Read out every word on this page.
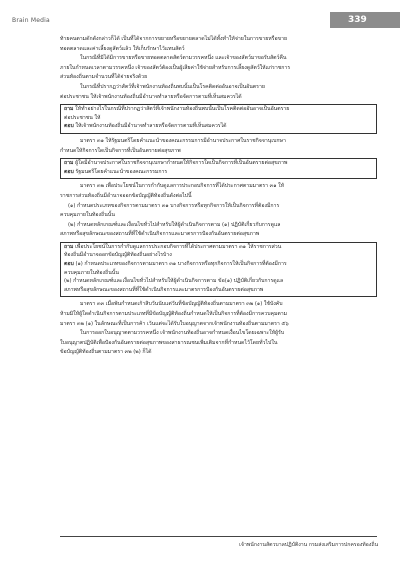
Brain Media	339

ท้ายคนตามดักดังกล่าวก็ได้ เป็นที่ได้จากการขยายหรือขยายตลาดไม่ได้ทั้งทำให้จ่ายในการขายหรือขาย

ทอดตลาดและค่าเลี้ยงดูสัตว์แล้ว ให้เก็บรักษาไว้แทนสัตว์

ในกรณีที่มิได้มีการขายหรือขายทอดตลาดสัตว์ตามวรรคหนึ่ง และเจ้าของสัตว์มาขอรับสัตว์คืน

ภายในกำหนดเวลาตามวรรคหนึ่ง เจ้าของสัตว์ต้องเป็นผู้เสียค่าใช้จ่ายสำหรับการเลี้ยงดูสัตว์ให้แก่ราชการ

ส่วนท้องถิ่นตามจำนวนที่ได้จ่ายจริงด้วย

ในกรณีที่ปรากฏว่าสัตว์ที่เจ้าพนักงานท้องถิ่นพบนั้นเป็นโรคติดต่ออันอาจเป็นอันตราย

ต่อประชาชน ให้เจ้าพนักงานท้องถิ่นมีอำนาจทำลายหรือจัดการตามที่เห็นสมควรได้

ถาม ให้ทำอย่างไรในกรณีที่ปรากฏว่าสัตว์ที่เจ้าพนักงานท้องถิ่นพบนั้นเป็นโรคติดต่ออันอาจเป็นอันตราย

ต่อประชาชน ให้

ตอบ ให้เจ้าพนักงานท้องถิ่นมีอำนาจทำลายหรือจัดการตามที่เห็นสมควรได้

มาตรา ๓๑ ให้รัฐมนตรีโดยคำแนะนำของคณะกรรมการมีอำนาจประกาศในราชกิจจานุเบกษา

กำหนดให้กิจการใดเป็นกิจการที่เป็นอันตรายต่อสุขภาพ

ถาม ผู้ใดมีอำนาจประกาศในราชกิจจานุเบกษากำหนดให้กิจการใดเป็นกิจการที่เป็นอันตรายต่อสุขภาพ

ตอบ รัฐมนตรีโดยคำแนะนำของคณะกรรมการ

มาตรา ๓๒ เพื่อประโยชน์ในการกำกับดูแลการประกอบกิจการที่ได้ประกาศตามมาตรา ๓๑ ให้

ราชการส่วนท้องถิ่นมีอำนาจออกข้อบัญญัติท้องถิ่นดังต่อไปนี้

(๑) กำหนดประเภทของกิจการตามมาตรา ๓๑ บางกิจการหรือทุกกิจการให้เป็นกิจการที่ต้องมีการ

ควบคุมภายในท้องถิ่นนั้น

(๒) กำหนดหลักเกณฑ์และเงื่อนไขทั่วไปสำหรับให้ผู้ดำเนินกิจการตาม (๑) ปฏิบัติเกี่ยวกับการดูแล

สภาพหรือสุขลักษณะของสถานที่ที่ใช้ดำเนินกิจการและมาตรการป้องกันอันตรายต่อสุขภาพ

ถาม เพื่อประโยชน์ในการกำกับดูแลการประกอบกิจการที่ได้ประกาศตามมาตรา ๓๑ ให้ราชการส่วน

ท้องถิ่นมีอำนาจออกข้อบัญญัติท้องถิ่นอย่างไรบ้าง

ตอบ (๑) กำหนดประเภทของกิจการตามมาตรา ๓๑ บางกิจการหรือทุกกิจการให้เป็นกิจการที่ต้องมีการ

ควบคุมภายในท้องถิ่นนั้น

(๒) กำหนดหลักเกณฑ์และเงื่อนไขทั่วไปสำหรับให้ผู้ดำเนินกิจการตาม ข้อ(๑) ปฏิบัติเกี่ยวกับการดูแล

สภาพหรือสุขลักษณะของสถานที่ที่ใช้ดำเนินกิจการและมาตรการป้องกันอันตรายต่อสุขภาพ

มาตรา ๓๓ เมื่อพ้นกำหนดเก้าสิบวันนับแต่วันที่ข้อบัญญัติท้องถิ่นตามมาตรา ๓๒ (๑) ใช้บังคับ

ห้ามมิให้ผู้ใดดำเนินกิจการตามประเภทที่มีข้อบัญญัติท้องถิ่นกำหนดให้เป็นกิจการที่ต้องมีการควบคุมตาม

มาตรา ๓๒ (๑) ในลักษณะที่เป็นการค้า เว้นแต่จะได้รับใบอนุญาตจากเจ้าพนักงานท้องถิ่นตามมาตรา ๕๖

ในการออกใบอนุญาตตามวรรคหนึ่ง เจ้าพนักงานท้องถิ่นอาจกำหนดเงื่อนไขโดยเฉพาะให้ผู้รับ

ใบอนุญาตปฏิบัติเพื่อป้องกันอันตรายต่อสุขภาพของสาธารณชนเพิ่มเติมจากที่กำหนดไว้โดยทั่วไปใน

ข้อบัญญัติท้องถิ่นตามมาตรา ๓๒ (๒) ก็ได้

เจ้าพนักงานสัตวบาลปฏิบัติงาน กรมส่งเสริมการปกครองท้องถิ่น
